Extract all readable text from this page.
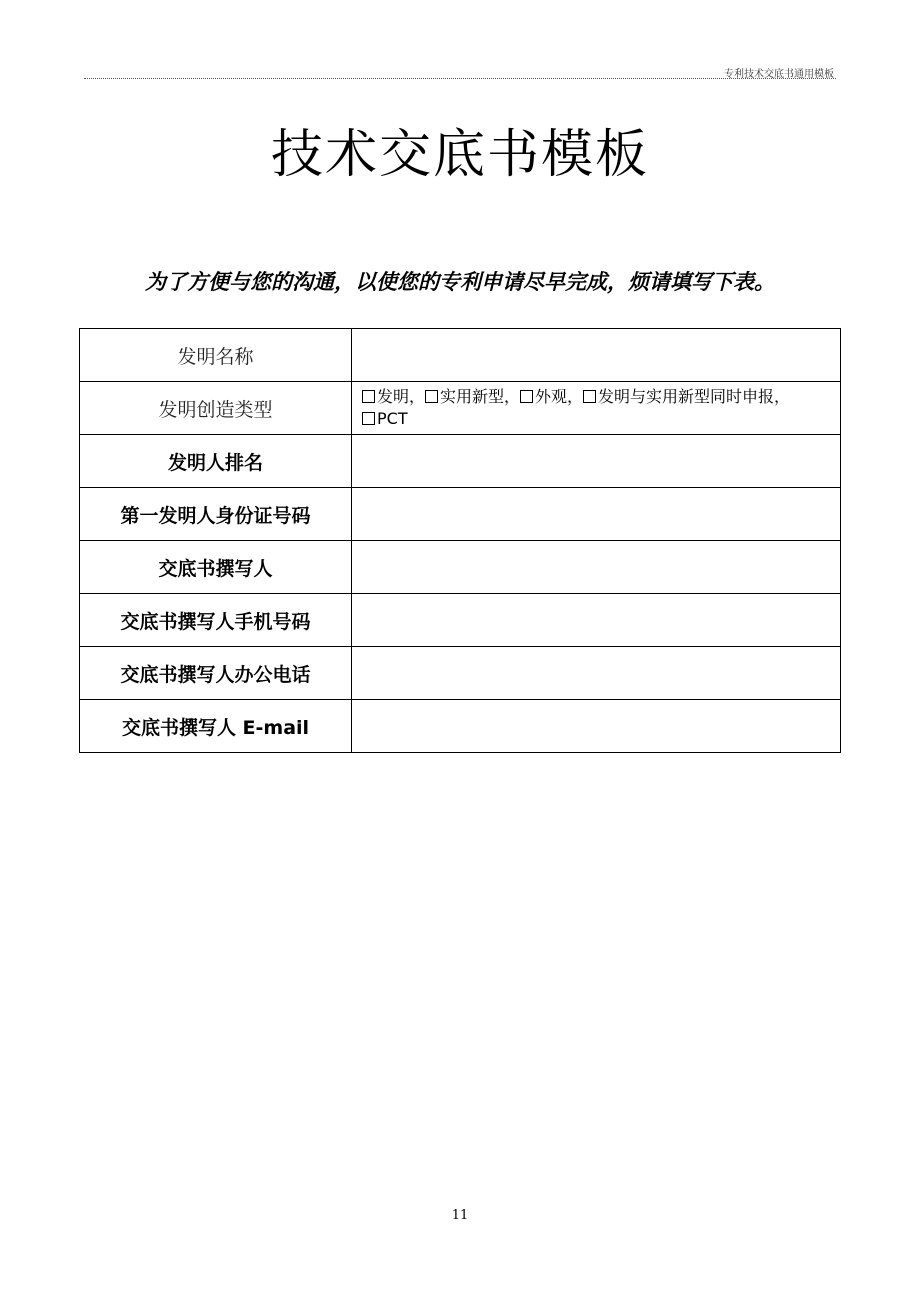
专利技术交底书通用模板
技术交底书模板
为了方便与您的沟通，以使您的专利申请尽早完成，烦请填写下表。
发明名称	
发明创造类型	发明， 实用新型， 外观， 发明与实用新型同时申报，PCT
发明人排名	
第一发明人身份证号码	
交底书撰写人	
交底书撰写人手机号码	
交底书撰写人办公电话	
交底书撰写人 E-mail	
11
